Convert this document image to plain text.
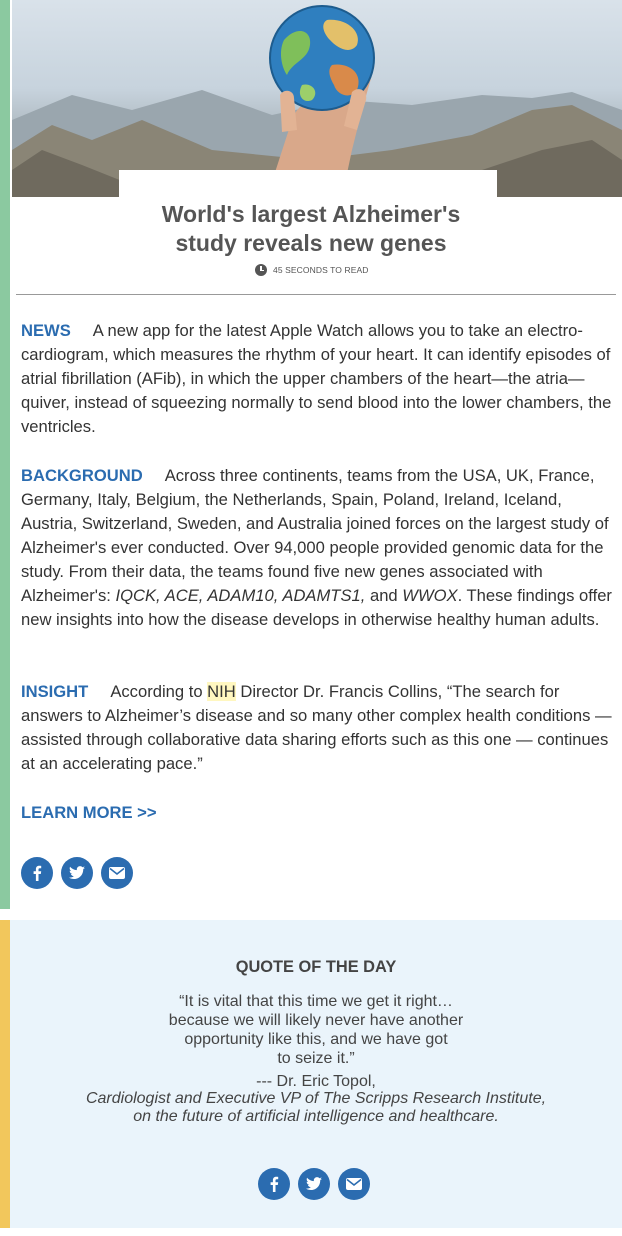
World's largest Alzheimer's
study reveals new genes
45 SECONDS TO READ

NEWS A new app for the latest Apple Watch allows you to take an electro-cardiogram, which measures the rhythm of your heart. It can identify episodes of atrial fibrillation (AFib), in which the upper chambers of the heart—the atria—quiver, instead of squeezing normally to send blood into the lower chambers, the ventricles.

BACKGROUND Across three continents, teams from the USA, UK, France, Germany, Italy, Belgium, the Netherlands, Spain, Poland, Ireland, Iceland, Austria, Switzerland, Sweden, and Australia joined forces on the largest study of Alzheimer's ever conducted. Over 94,000 people provided genomic data for the study. From their data, the teams found five new genes associated with Alzheimer's: IQCK, ACE, ADAM10, ADAMTS1, and WWOX. These findings offer new insights into how the disease develops in otherwise healthy human adults.

INSIGHT According to NIH Director Dr. Francis Collins, “The search for answers to Alzheimer’s disease and so many other complex health conditions — assisted through collaborative data sharing efforts such as this one — continues at an accelerating pace.”

LEARN MORE >>
QUOTE OF THE DAY
“It is vital that this time we get it right…
because we will likely never have another
opportunity like this, and we have got
to seize it.”
--- Dr. Eric Topol,
Cardiologist and Executive VP of The Scripps Research Institute,
on the future of artificial intelligence and healthcare.
